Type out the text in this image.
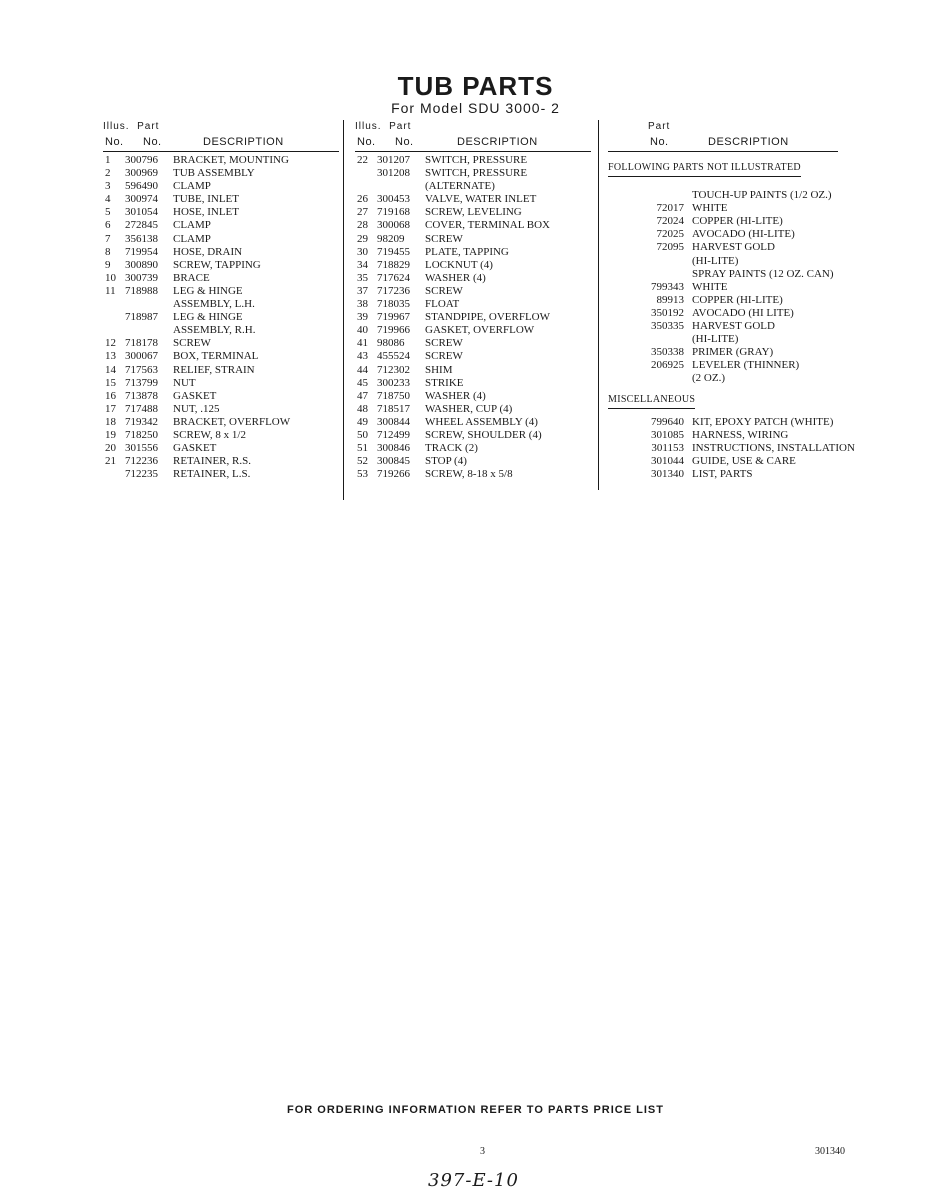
TUB PARTS
For Model SDU 3000- 2
Illus. Part
No. No.	DESCRIPTION
1	300796	BRACKET, MOUNTING
2	300969	TUB ASSEMBLY
3	596490	CLAMP
4	300974	TUBE, INLET
5	301054	HOSE, INLET
6	272845	CLAMP
7	356138	CLAMP
8	719954	HOSE, DRAIN
9	300890	SCREW, TAPPING
10 300739	BRACE
11 718988	LEG & HINGE
ASSEMBLY, L.H.
718987	LEG & HINGE
ASSEMBLY, R.H.
12 718178	SCREW
13 300067	BOX, TERMINAL
14 717563	RELIEF, STRAIN
15 713799	NUT
16 713878	GASKET
17 717488	NUT, .125
18 719342	BRACKET, OVERFLOW
19 718250	SCREW, 8 x 1/2
20 301556	GASKET
21 712236	RETAINER, R.S.
712235	RETAINER, L.S.
Illus. Part
No. No.	DESCRIPTION
22 301207	SWITCH, PRESSURE
301208	SWITCH, PRESSURE
(ALTERNATE)
26 300453	VALVE, WATER INLET
27 719168	SCREW, LEVELING
28 300068	COVER, TERMINAL BOX
29 98209	SCREW
30 719455	PLATE, TAPPING
34 718829	LOCKNUT (4)
35 717624	WASHER (4)
37 717236	SCREW
38 718035	FLOAT
39 719967	STANDPIPE, OVERFLOW
40 719966	GASKET, OVERFLOW
41 98086	SCREW
43 455524	SCREW
44 712302	SHIM
45 300233	STRIKE
47 718750	WASHER (4)
48 718517	WASHER, CUP (4)
49 300844	WHEEL ASSEMBLY (4)
50 712499	SCREW, SHOULDER (4)
51 300846	TRACK (2)
52 300845	STOP (4)
53 719266	SCREW, 8-18 x 5/8
Part
No.	DESCRIPTION
FOLLOWING PARTS NOT ILLUSTRATED
TOUCH-UP PAINTS (1/2 OZ.)
72017 WHITE
72024 COPPER (HI-LITE)
72025 AVOCADO (HI-LITE)
72095 HARVEST GOLD
(HI-LITE)
SPRAY PAINTS (12 OZ. CAN)
799343 WHITE
89913 COPPER (HI-LITE)
350192 AVOCADO (HI LITE)
350335 HARVEST GOLD
(HI-LITE)
350338 PRIMER (GRAY)
206925 LEVELER (THINNER)
(2 OZ.)
MISCELLANEOUS
799640 KIT, EPOXY PATCH (WHITE)
301085 HARNESS, WIRING
301153 INSTRUCTIONS, INSTALLATION
301044 GUIDE, USE & CARE
301340 LIST, PARTS
FOR ORDERING INFORMATION REFER TO PARTS PRICE LIST
3	301340
397-E-10
